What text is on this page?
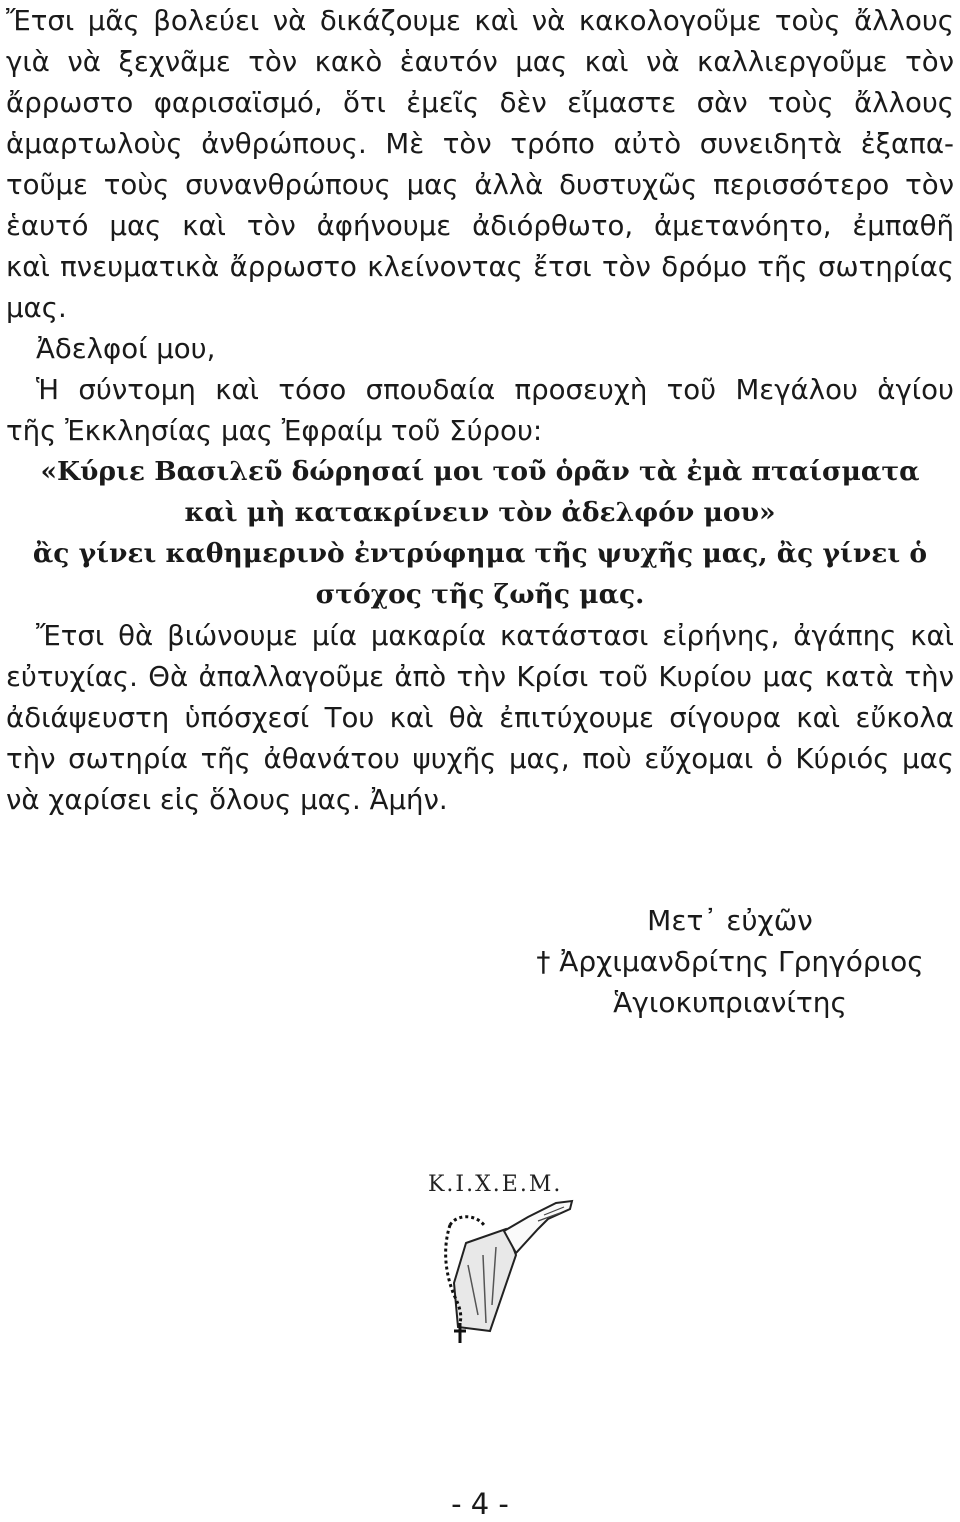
Ἔτσι μᾶς βολεύει νὰ δικάζουμε καὶ νὰ κακολογοῦμε τοὺς ἄλλους
γιὰ νὰ ξεχνᾶμε τὸν κακὸ ἑαυτόν μας καὶ νὰ καλλιεργοῦμε τὸν
ἄρρωστο φαρισαϊσμό, ὅτι ἐμεῖς δὲν εἴμαστε σὰν τοὺς ἄλλους
ἁμαρτωλοὺς ἀνθρώπους. Μὲ τὸν τρόπο αὐτὸ συνειδητὰ ἐξαπα-
τοῦμε τοὺς συνανθρώπους μας ἀλλὰ δυστυχῶς περισσότερο τὸν
ἑαυτό μας καὶ τὸν ἀφήνουμε ἀδιόρθωτο, ἀμετανόητο, ἐμπαθῆ
καὶ πνευματικὰ ἄρρωστο κλείνοντας ἔτσι τὸν δρόμο τῆς σωτηρίας
μας.
Ἀδελφοί μου,
Ἡ σύντομη καὶ τόσο σπουδαία προσευχὴ τοῦ Μεγάλου ἁγίου
τῆς Ἐκκλησίας μας Ἐφραίμ τοῦ Σύρου:
«Κύριε Βασιλεῦ δώρησαί μοι τοῦ ὁρᾶν τὰ ἐμὰ πταίσματα
καὶ μὴ κατακρίνειν τὸν ἀδελφόν μου»
ἂς γίνει καθημερινὸ ἐντρύφημα τῆς ψυχῆς μας, ἂς γίνει ὁ
στόχος τῆς ζωῆς μας.
Ἔτσι θὰ βιώνουμε μία μακαρία κατάστασι εἰρήνης, ἀγάπης καὶ
εὐτυχίας. Θὰ ἀπαλλαγοῦμε ἀπὸ τὴν Κρίσι τοῦ Κυρίου μας κατὰ τὴν
ἀδιάψευστη ὑπόσχεσί Του καὶ θὰ ἐπιτύχουμε σίγουρα καὶ εὔκολα
τὴν σωτηρία τῆς ἀθανάτου ψυχῆς μας, ποὺ εὔχομαι ὁ Κύριός μας
νὰ χαρίσει εἰς ὅλους μας. Ἀμήν.
Μετ᾽ εὐχῶν
† Ἀρχιμανδρίτης Γρηγόριος
Ἁγιοκυπριανίτης
Κ.Ι.Χ.Ε.Μ.
- 4 -
